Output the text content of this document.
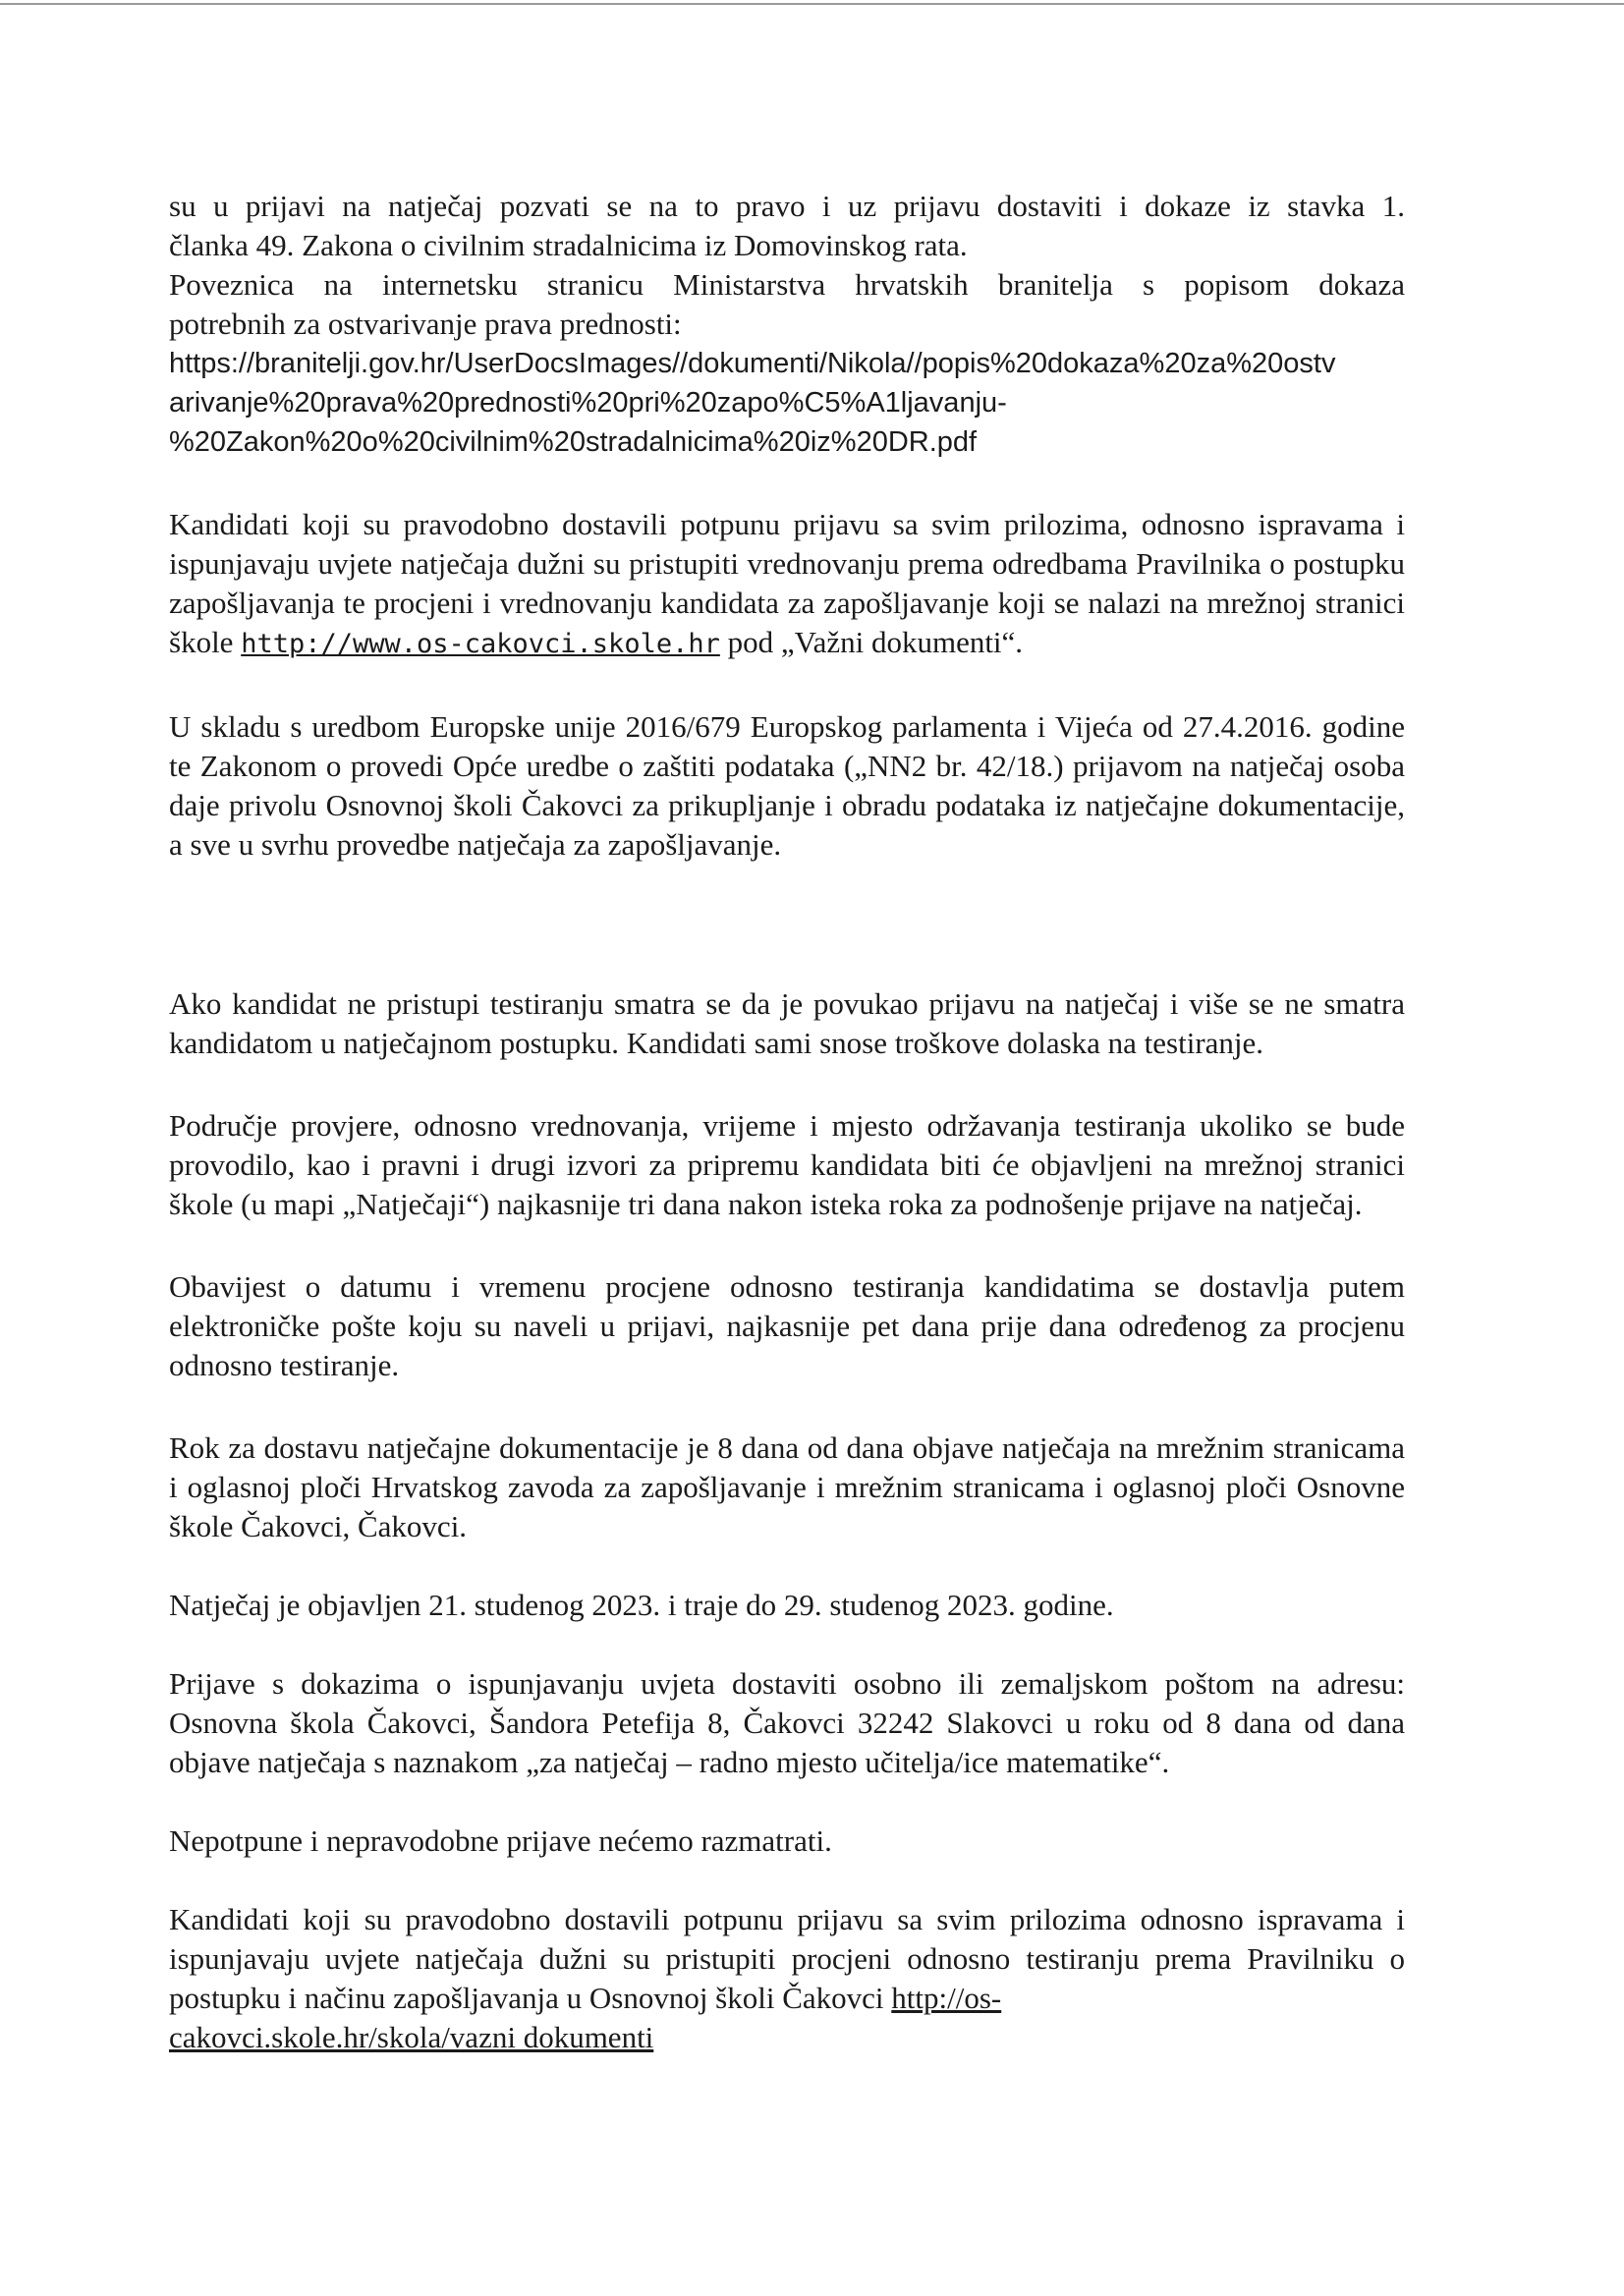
su u prijavi na natječaj pozvati se na to pravo i uz prijavu dostaviti i dokaze iz stavka 1.
članka 49. Zakona o civilnim stradalnicima iz Domovinskog rata.
Poveznica na internetsku stranicu Ministarstva hrvatskih branitelja s popisom dokaza
potrebnih za ostvarivanje prava prednosti:
https://branitelji.gov.hr/UserDocsImages//dokumenti/Nikola//popis%20dokaza%20za%20ostv
arivanje%20prava%20prednosti%20pri%20zapo%C5%A1ljavanju-
%20Zakon%20o%20civilnim%20stradalnicima%20iz%20DR.pdf

Kandidati koji su pravodobno dostavili potpunu prijavu sa svim prilozima, odnosno ispravama i ispunjavaju uvjete natječaja dužni su pristupiti vrednovanju prema odredbama Pravilnika o postupku zapošljavanja te procjeni i vrednovanju kandidata za zapošljavanje koji se nalazi na mrežnoj stranici škole http://www.os-cakovci.skole.hr pod „Važni dokumenti“.

U skladu s uredbom Europske unije 2016/679 Europskog parlamenta i Vijeća od 27.4.2016. godine te Zakonom o provedi Opće uredbe o zaštiti podataka („NN2 br. 42/18.) prijavom na natječaj osoba daje privolu Osnovnoj školi Čakovci za prikupljanje i obradu podataka iz natječajne dokumentacije, a sve u svrhu provedbe natječaja za zapošljavanje.

Ako kandidat ne pristupi testiranju smatra se da je povukao prijavu na natječaj i više se ne smatra kandidatom u natječajnom postupku. Kandidati sami snose troškove dolaska na testiranje.

Područje provjere, odnosno vrednovanja, vrijeme i mjesto održavanja testiranja ukoliko se bude provodilo, kao i pravni i drugi izvori za pripremu kandidata biti će objavljeni na mrežnoj stranici škole (u mapi „Natječaji“) najkasnije tri dana nakon isteka roka za podnošenje prijave na natječaj.

Obavijest o datumu i vremenu procjene odnosno testiranja kandidatima se dostavlja putem elektroničke pošte koju su naveli u prijavi, najkasnije pet dana prije dana određenog za procjenu odnosno testiranje.

Rok za dostavu natječajne dokumentacije je 8 dana od dana objave natječaja na mrežnim stranicama i oglasnoj ploči Hrvatskog zavoda za zapošljavanje i mrežnim stranicama i oglasnoj ploči Osnovne škole Čakovci, Čakovci.

Natječaj je objavljen 21. studenog 2023. i traje do 29. studenog 2023. godine.

Prijave s dokazima o ispunjavanju uvjeta dostaviti osobno ili zemaljskom poštom na adresu: Osnovna škola Čakovci, Šandora Petefija 8, Čakovci 32242 Slakovci u roku od 8 dana od dana objave natječaja s naznakom „za natječaj – radno mjesto učitelja/ice matematike“.

Nepotpune i nepravodobne prijave nećemo razmatrati.

Kandidati koji su pravodobno dostavili potpunu prijavu sa svim prilozima odnosno ispravama i ispunjavaju uvjete natječaja dužni su pristupiti procjeni odnosno testiranju prema Pravilniku o postupku i načinu zapošljavanja u Osnovnoj školi Čakovci http://os-
cakovci.skole.hr/skola/vazni dokumenti
